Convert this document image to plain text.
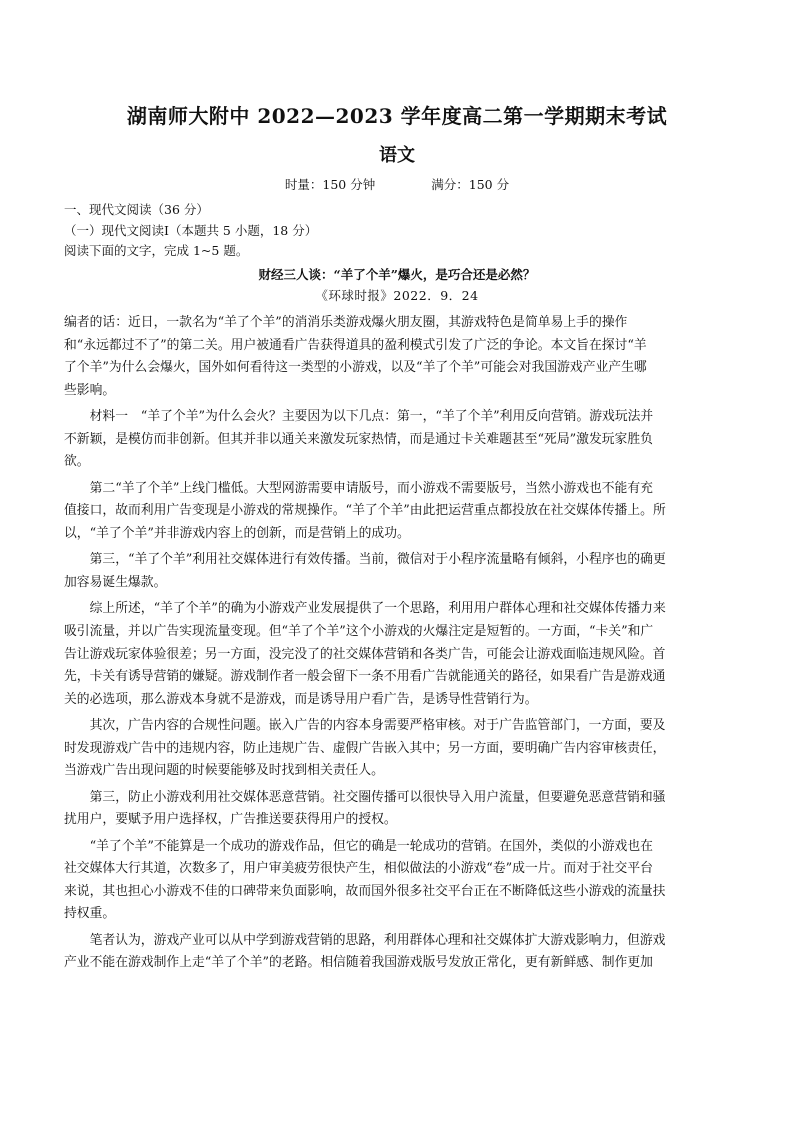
湖南师大附中 2022—2023 学年度高二第一学期期末考试
语文

时量：150 分钟	满分：150 分

一、现代文阅读（36 分）

（一）现代文阅读Ⅰ（本题共 5 小题，18 分）

阅读下面的文字，完成 1~5 题。

财经三人谈：“羊了个羊”爆火，是巧合还是必然？

《环球时报》2022．9．24

编者的话：近日，一款名为“羊了个羊”的消消乐类游戏爆火朋友圈，其游戏特色是简单易上手的操作

和“永远都过不了”的第二关。用户被通看广告获得道具的盈利模式引发了广泛的争论。本文旨在探讨“羊

了个羊”为什么会爆火，国外如何看待这一类型的小游戏，以及“羊了个羊”可能会对我国游戏产业产生哪

些影响。

材料一　“羊了个羊”为什么会火？主要因为以下几点：第一，“羊了个羊”利用反向营销。游戏玩法并

不新颖，是模仿而非创新。但其并非以通关来激发玩家热情，而是通过卡关难题甚至“死局”激发玩家胜负

欲。

第二“羊了个羊”上线门槛低。大型网游需要申请版号，而小游戏不需要版号，当然小游戏也不能有充

值接口，故而利用广告变现是小游戏的常规操作。“羊了个羊”由此把运营重点都投放在社交媒体传播上。所

以，“羊了个羊”并非游戏内容上的创新，而是营销上的成功。

第三，“羊了个羊”利用社交媒体进行有效传播。当前，微信对于小程序流量略有倾斜，小程序也的确更

加容易诞生爆款。

综上所述，“羊了个羊”的确为小游戏产业发展提供了一个思路，利用用户群体心理和社交媒体传播力来

吸引流量，并以广告实现流量变现。但“羊了个羊”这个小游戏的火爆注定是短暂的。一方面，“卡关”和广

告让游戏玩家体验很差；另一方面，没完没了的社交媒体营销和各类广告，可能会让游戏面临违规风险。首

先，卡关有诱导营销的嫌疑。游戏制作者一般会留下一条不用看广告就能通关的路径，如果看广告是游戏通

关的必选项，那么游戏本身就不是游戏，而是诱导用户看广告，是诱导性营销行为。

其次，广告内容的合规性问题。嵌入广告的内容本身需要严格审核。对于广告监管部门，一方面，要及

时发现游戏广告中的违规内容，防止违规广告、虚假广告嵌入其中；另一方面，要明确广告内容审核责任，

当游戏广告出现问题的时候要能够及时找到相关责任人。

第三，防止小游戏利用社交媒体恶意营销。社交圈传播可以很快导入用户流量，但要避免恶意营销和骚

扰用户，要赋予用户选择权，广告推送要获得用户的授权。

“羊了个羊”不能算是一个成功的游戏作品，但它的确是一轮成功的营销。在国外，类似的小游戏也在

社交媒体大行其道，次数多了，用户审美疲劳很快产生，相似做法的小游戏“卷”成一片。而对于社交平台

来说，其也担心小游戏不佳的口碑带来负面影响，故而国外很多社交平台正在不断降低这些小游戏的流量扶

持权重。

笔者认为，游戏产业可以从中学到游戏营销的思路，利用群体心理和社交媒体扩大游戏影响力，但游戏

产业不能在游戏制作上走“羊了个羊”的老路。相信随着我国游戏版号发放正常化，更有新鲜感、制作更加
